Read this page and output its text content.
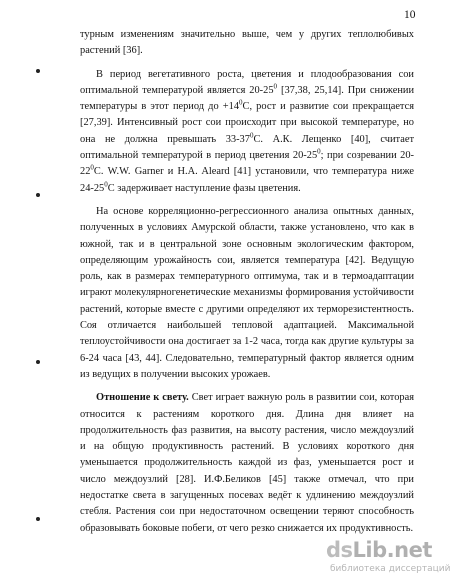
10

турным изменениям значительно выше, чем у других теплолюбивых растений [36].

В период вегетативного роста, цветения и плодообразования сои оптимальной температурой является $20-25^0$ [37,38, 25,14]. При снижении температуры в этот период до $+14^0С$, рост и развитие сои прекращается [27,39]. Интенсивный рост сои происходит при высокой температуре, но она не должна превышать $33-37^0С$. А.К. Лещенко [40], считает оптимальной температурой в период цветения $20-25^0$; при созревании $20-22^0С$. W.W. Garner и H.A. Aleard [41] установили, что температура ниже $24-25^0С$ задерживает наступление фазы цветения.

На основе корреляционно-регрессионного анализа опытных данных, полученных в условиях Амурской области, также установлено, что как в южной, так и в центральной зоне основным экологическим фактором, определяющим урожайность сои, является температура [42]. Ведущую роль, как в размерах температурного оптимума, так и в термоадаптации играют молекулярногенетические механизмы формирования устойчивости растений, которые вместе с другими определяют их терморезистентность. Соя отличается наибольшей тепловой адаптацией. Максимальной теплоустойчивости она достигает за 1-2 часа, тогда как другие культуры за 6-24 часа [43, 44]. Следовательно, температурный фактор является одним из ведущих в получении высоких урожаев.

Отношение к свету. Свет играет важную роль в развитии сои, которая относится к растениям короткого дня. Длина дня влияет на продолжительность фаз развития, на высоту растения, число междоузлий и на общую продуктивность растений. В условиях короткого дня уменьшается продолжительность каждой из фаз, уменьшается рост и число междоузлий [28]. И.Ф.Беликов [45] также отмечал, что при недостатке света в загущенных посевах ведёт к удлинению междоузлий стебля. Растения сои при недостаточном освещении теряют способность образовывать боковые побеги, от чего резко снижается их продуктивность.

dsLib.net
библиотека диссертаций
